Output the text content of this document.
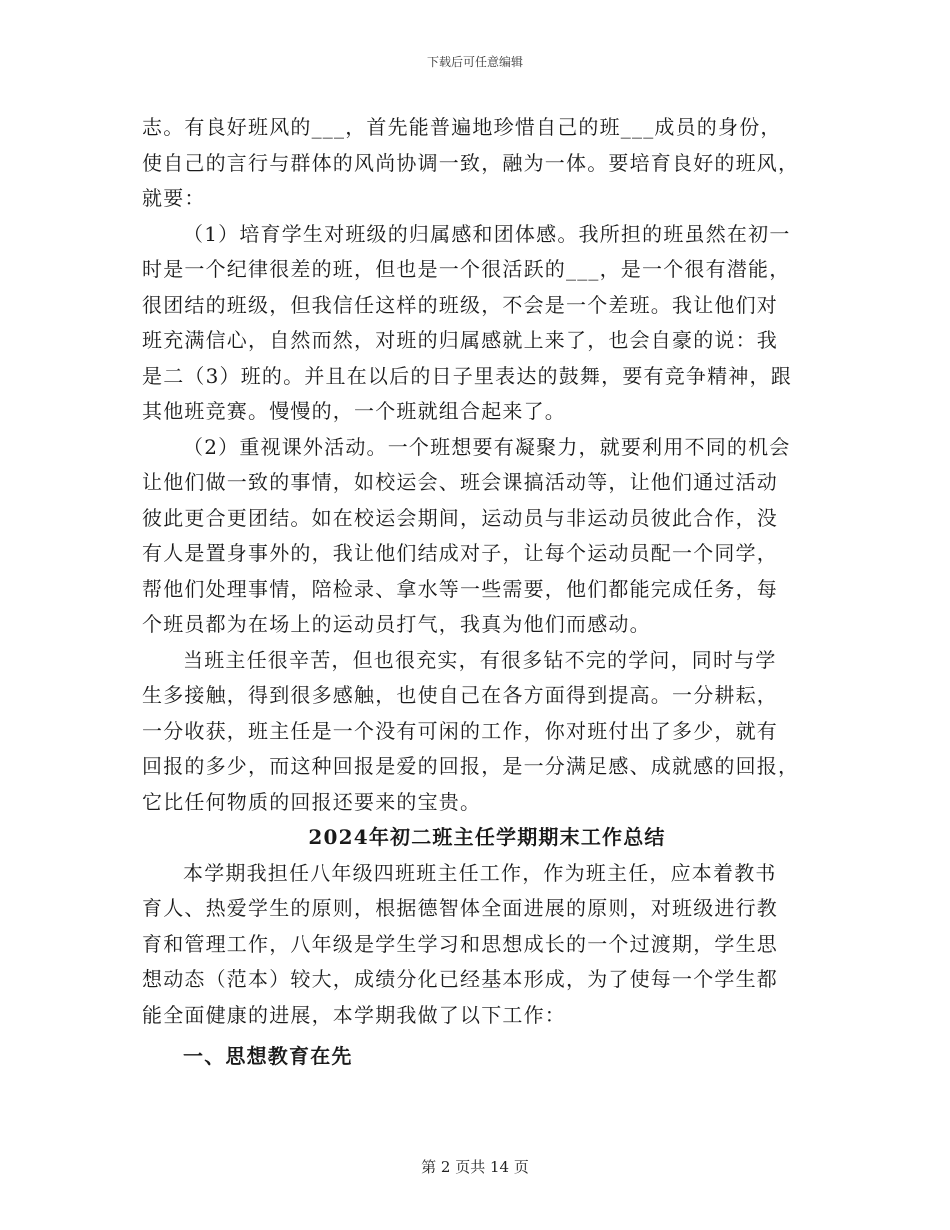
下载后可任意编辑
志。有良好班风的___，首先能普遍地珍惜自己的班___成员的身份，
使自己的言行与群体的风尚协调一致，融为一体。要培育良好的班风，
就要：
（1）培育学生对班级的归属感和团体感。我所担的班虽然在初一
时是一个纪律很差的班，但也是一个很活跃的___，是一个很有潜能，
很团结的班级，但我信任这样的班级，不会是一个差班。我让他们对
班充满信心，自然而然，对班的归属感就上来了，也会自豪的说：我
是二（3）班的。并且在以后的日子里表达的鼓舞，要有竞争精神，跟
其他班竞赛。慢慢的，一个班就组合起来了。
（2）重视课外活动。一个班想要有凝聚力，就要利用不同的机会
让他们做一致的事情，如校运会、班会课搞活动等，让他们通过活动
彼此更合更团结。如在校运会期间，运动员与非运动员彼此合作，没
有人是置身事外的，我让他们结成对子，让每个运动员配一个同学，
帮他们处理事情，陪检录、拿水等一些需要，他们都能完成任务，每
个班员都为在场上的运动员打气，我真为他们而感动。
当班主任很辛苦，但也很充实，有很多钻不完的学问，同时与学
生多接触，得到很多感触，也使自己在各方面得到提高。一分耕耘，
一分收获，班主任是一个没有可闲的工作，你对班付出了多少，就有
回报的多少，而这种回报是爱的回报，是一分满足感、成就感的回报，
它比任何物质的回报还要来的宝贵。
2024年初二班主任学期期末工作总结
本学期我担任八年级四班班主任工作，作为班主任，应本着教书
育人、热爱学生的原则，根据德智体全面进展的原则，对班级进行教
育和管理工作，八年级是学生学习和思想成长的一个过渡期，学生思
想动态（范本）较大，成绩分化已经基本形成，为了使每一个学生都
能全面健康的进展，本学期我做了以下工作：
一、思想教育在先
第 2 页共 14 页
